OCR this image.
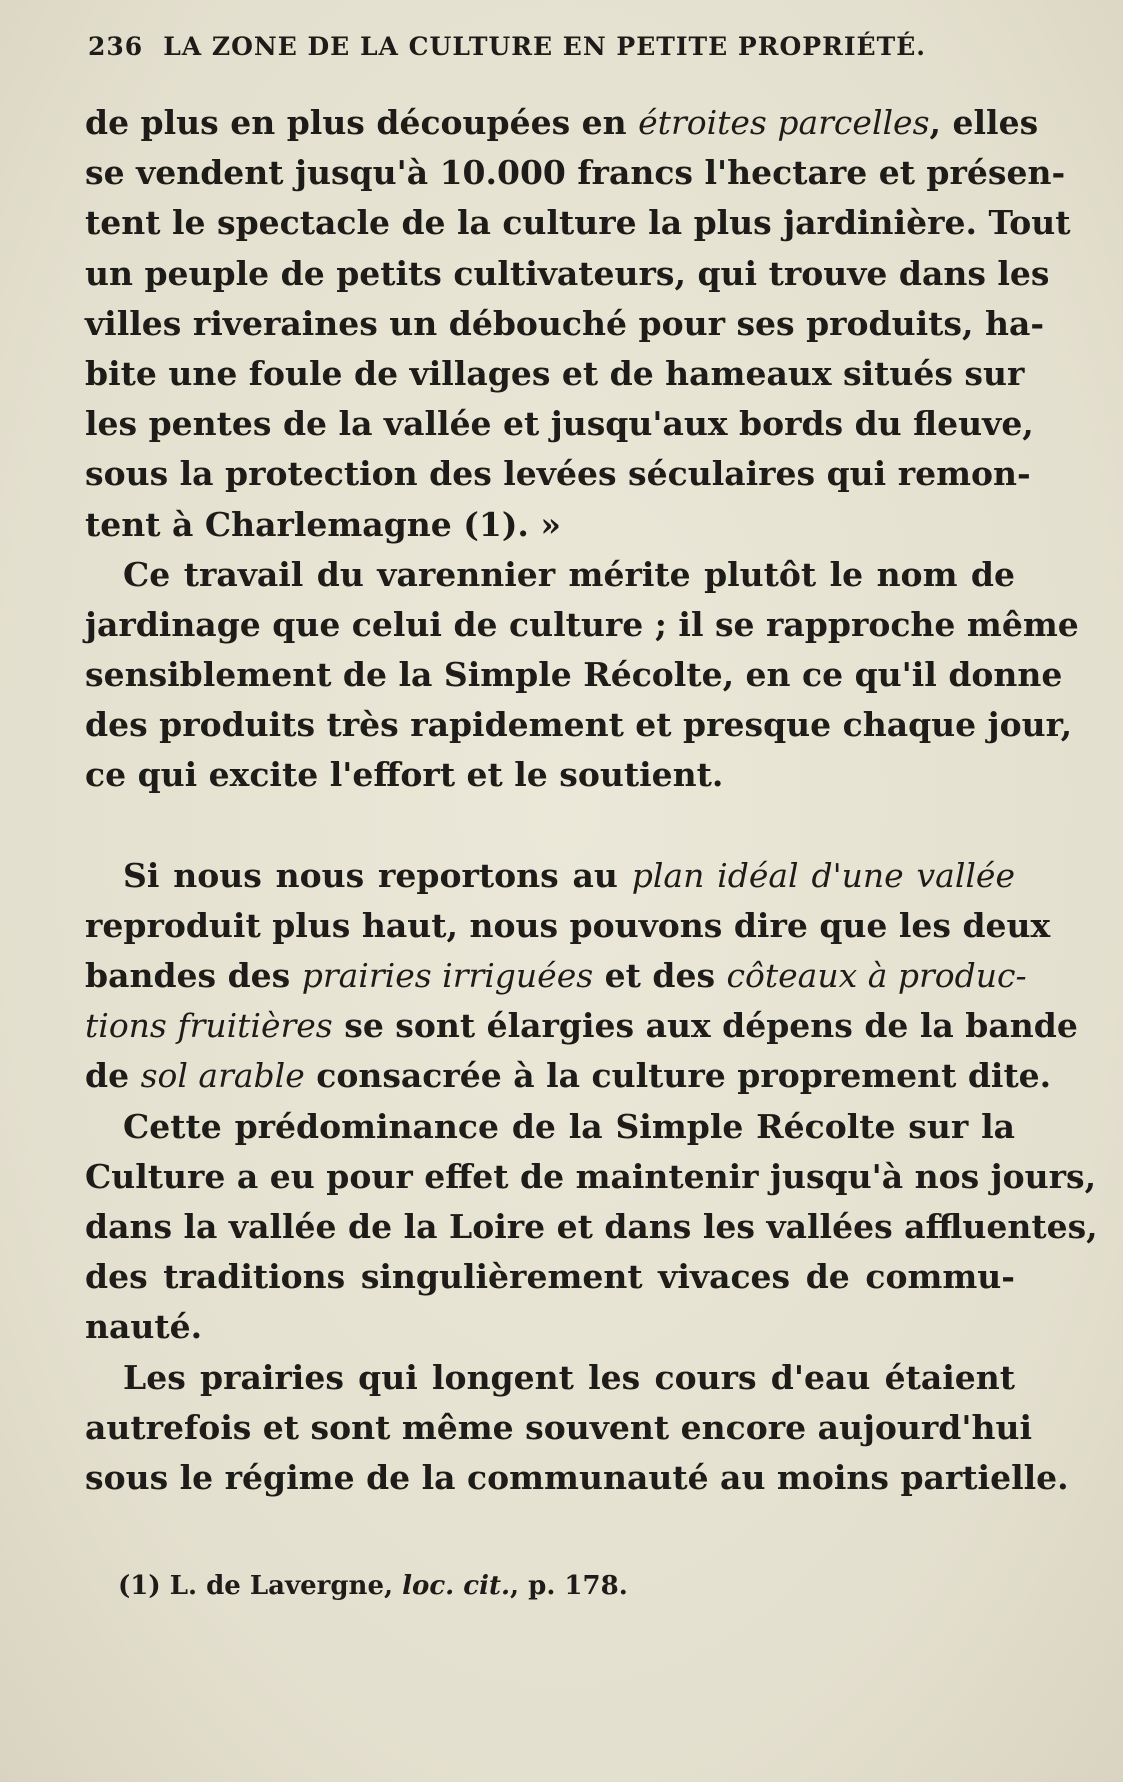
236 LA ZONE DE LA CULTURE EN PETITE PROPRIÉTÉ.
de plus en plus découpées en étroites parcelles, elles
se vendent jusqu'à 10.000 francs l'hectare et présen-
tent le spectacle de la culture la plus jardinière. Tout
un peuple de petits cultivateurs, qui trouve dans les
villes riveraines un débouché pour ses produits, ha-
bite une foule de villages et de hameaux situés sur
les pentes de la vallée et jusqu'aux bords du fleuve,
sous la protection des levées séculaires qui remon-
tent à Charlemagne (1). »
Ce travail du varennier mérite plutôt le nom de
jardinage que celui de culture ; il se rapproche même
sensiblement de la Simple Récolte, en ce qu'il donne
des produits très rapidement et presque chaque jour,
ce qui excite l'effort et le soutient.
Si nous nous reportons au plan idéal d'une vallée
reproduit plus haut, nous pouvons dire que les deux
bandes des prairies irriguées et des côteaux à produc-
tions fruitières se sont élargies aux dépens de la bande
de sol arable consacrée à la culture proprement dite.
Cette prédominance de la Simple Récolte sur la
Culture a eu pour effet de maintenir jusqu'à nos jours,
dans la vallée de la Loire et dans les vallées affluentes,
des traditions singulièrement vivaces de commu-
nauté.
Les prairies qui longent les cours d'eau étaient
autrefois et sont même souvent encore aujourd'hui
sous le régime de la communauté au moins partielle.
(1) L. de Lavergne, loc. cit., p. 178.
